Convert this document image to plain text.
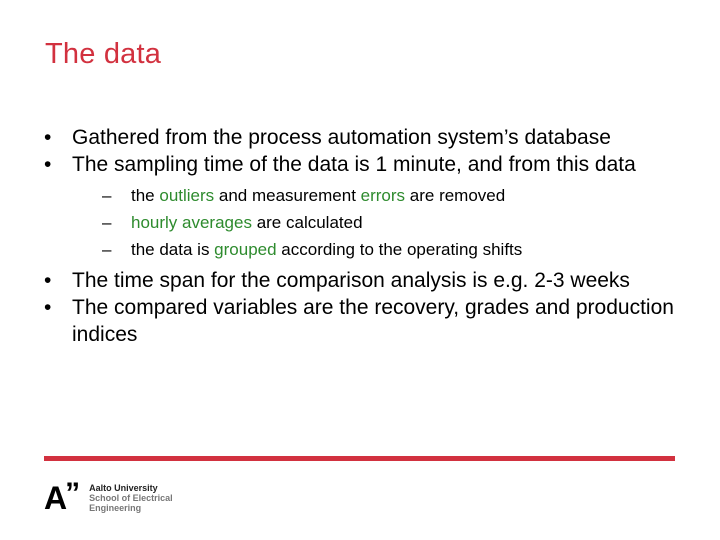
The data
• Gathered from the process automation system’s database
• The sampling time of the data is 1 minute, and from this data
– the outliers and measurement errors are removed
– hourly averages are calculated
– the data is grouped according to the operating shifts
• The time span for the comparison analysis is e.g. 2-3 weeks
• The compared variables are the recovery, grades and production indices
A” Aalto University
School of Electrical
Engineering
